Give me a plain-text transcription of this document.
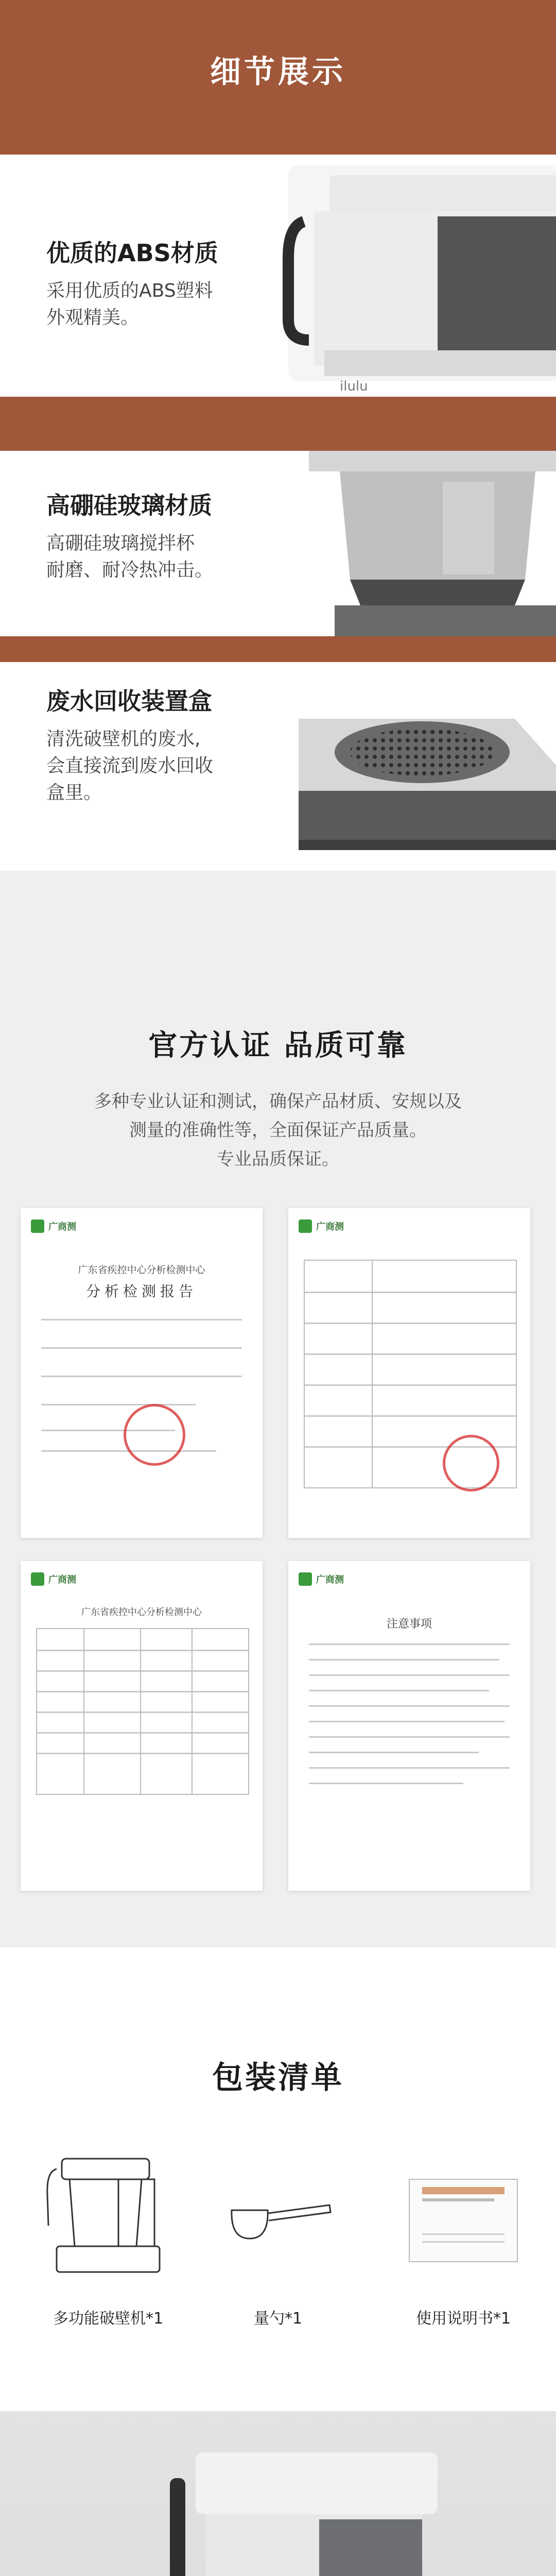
细节展示
优质的ABS材质
采用优质的ABS塑料
外观精美。
ilulu
高硼硅玻璃材质
高硼硅玻璃搅拌杯
耐磨、耐冷热冲击。
废水回收装置盒
清洗破壁机的废水,
会直接流到废水回收
盒里。
官方认证 品质可靠
多种专业认证和测试，确保产品材质、安规以及
测量的准确性等，全面保证产品质量。
专业品质保证。
广商测
广东省疾控中心分析检测中心
分析检测报告
广商测
广商测
广东省疾控中心分析检测中心
广商测
注意事项
包装清单
多功能破壁机*1	量勺*1	使用说明书*1
